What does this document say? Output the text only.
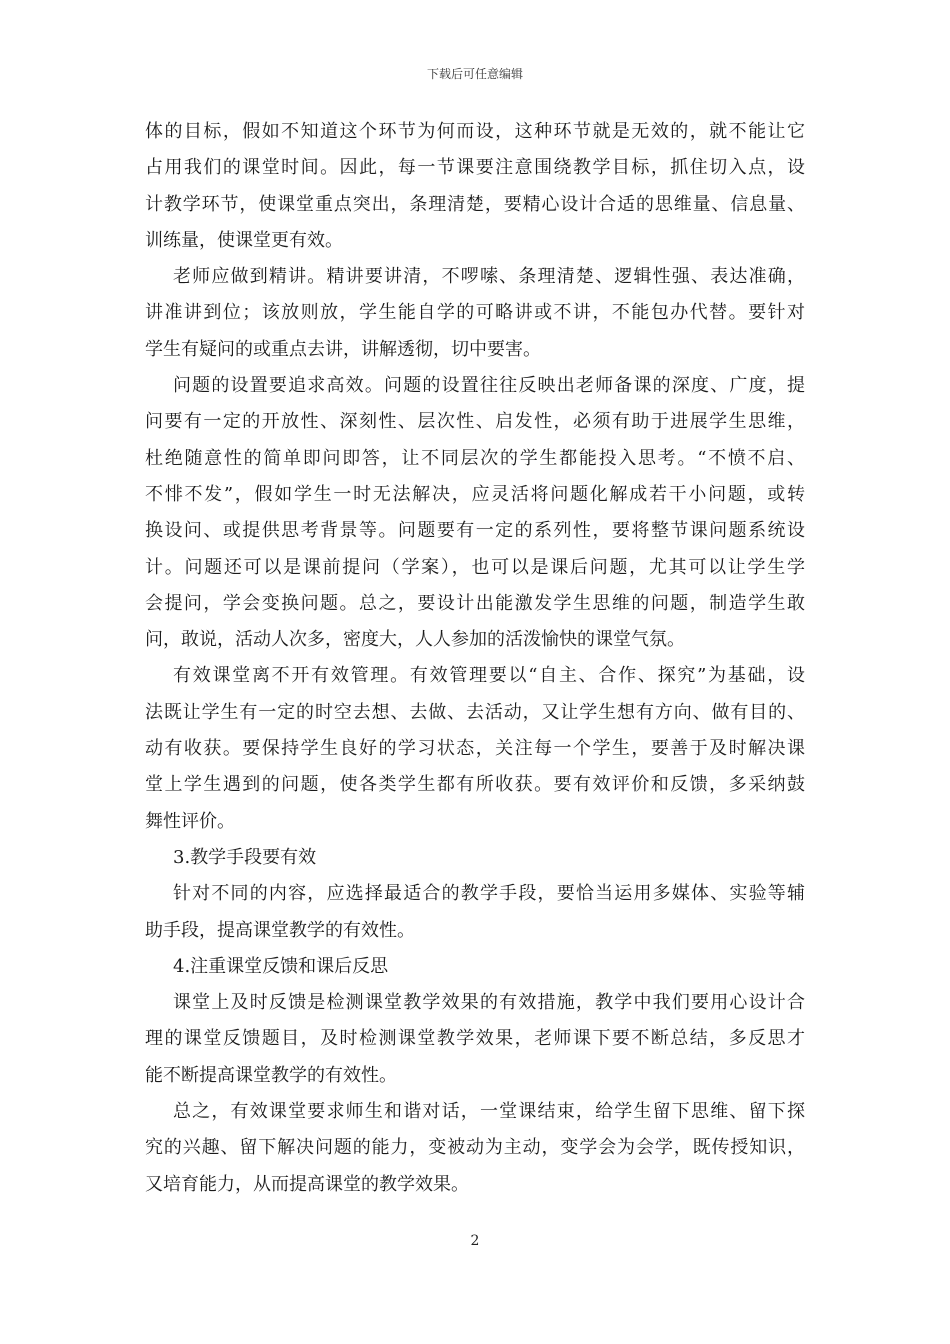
下载后可任意编辑
体的目标，假如不知道这个环节为何而设，这种环节就是无效的，就不能让它
占用我们的课堂时间。因此，每一节课要注意围绕教学目标，抓住切入点，设
计教学环节，使课堂重点突出，条理清楚，要精心设计合适的思维量、信息量、
训练量，使课堂更有效。
老师应做到精讲。精讲要讲清，不啰嗦、条理清楚、逻辑性强、表达准确，
讲准讲到位；该放则放，学生能自学的可略讲或不讲，不能包办代替。要针对
学生有疑问的或重点去讲，讲解透彻，切中要害。
问题的设置要追求高效。问题的设置往往反映出老师备课的深度、广度，提
问要有一定的开放性、深刻性、层次性、启发性，必须有助于进展学生思维，
杜绝随意性的简单即问即答，让不同层次的学生都能投入思考。“不愤不启、
不悱不发”，假如学生一时无法解决，应灵活将问题化解成若干小问题，或转
换设问、或提供思考背景等。问题要有一定的系列性，要将整节课问题系统设
计。问题还可以是课前提问（学案），也可以是课后问题，尤其可以让学生学
会提问，学会变换问题。总之，要设计出能激发学生思维的问题，制造学生敢
问，敢说，活动人次多，密度大，人人参加的活泼愉快的课堂气氛。
有效课堂离不开有效管理。有效管理要以“自主、合作、探究”为基础，设
法既让学生有一定的时空去想、去做、去活动，又让学生想有方向、做有目的、
动有收获。要保持学生良好的学习状态，关注每一个学生，要善于及时解决课
堂上学生遇到的问题，使各类学生都有所收获。要有效评价和反馈，多采纳鼓
舞性评价。
3.教学手段要有效
针对不同的内容，应选择最适合的教学手段，要恰当运用多媒体、实验等辅
助手段，提高课堂教学的有效性。
4.注重课堂反馈和课后反思
课堂上及时反馈是检测课堂教学效果的有效措施，教学中我们要用心设计合
理的课堂反馈题目，及时检测课堂教学效果，老师课下要不断总结，多反思才
能不断提高课堂教学的有效性。
总之，有效课堂要求师生和谐对话，一堂课结束，给学生留下思维、留下探
究的兴趣、留下解决问题的能力，变被动为主动，变学会为会学，既传授知识，
又培育能力，从而提高课堂的教学效果。
2
